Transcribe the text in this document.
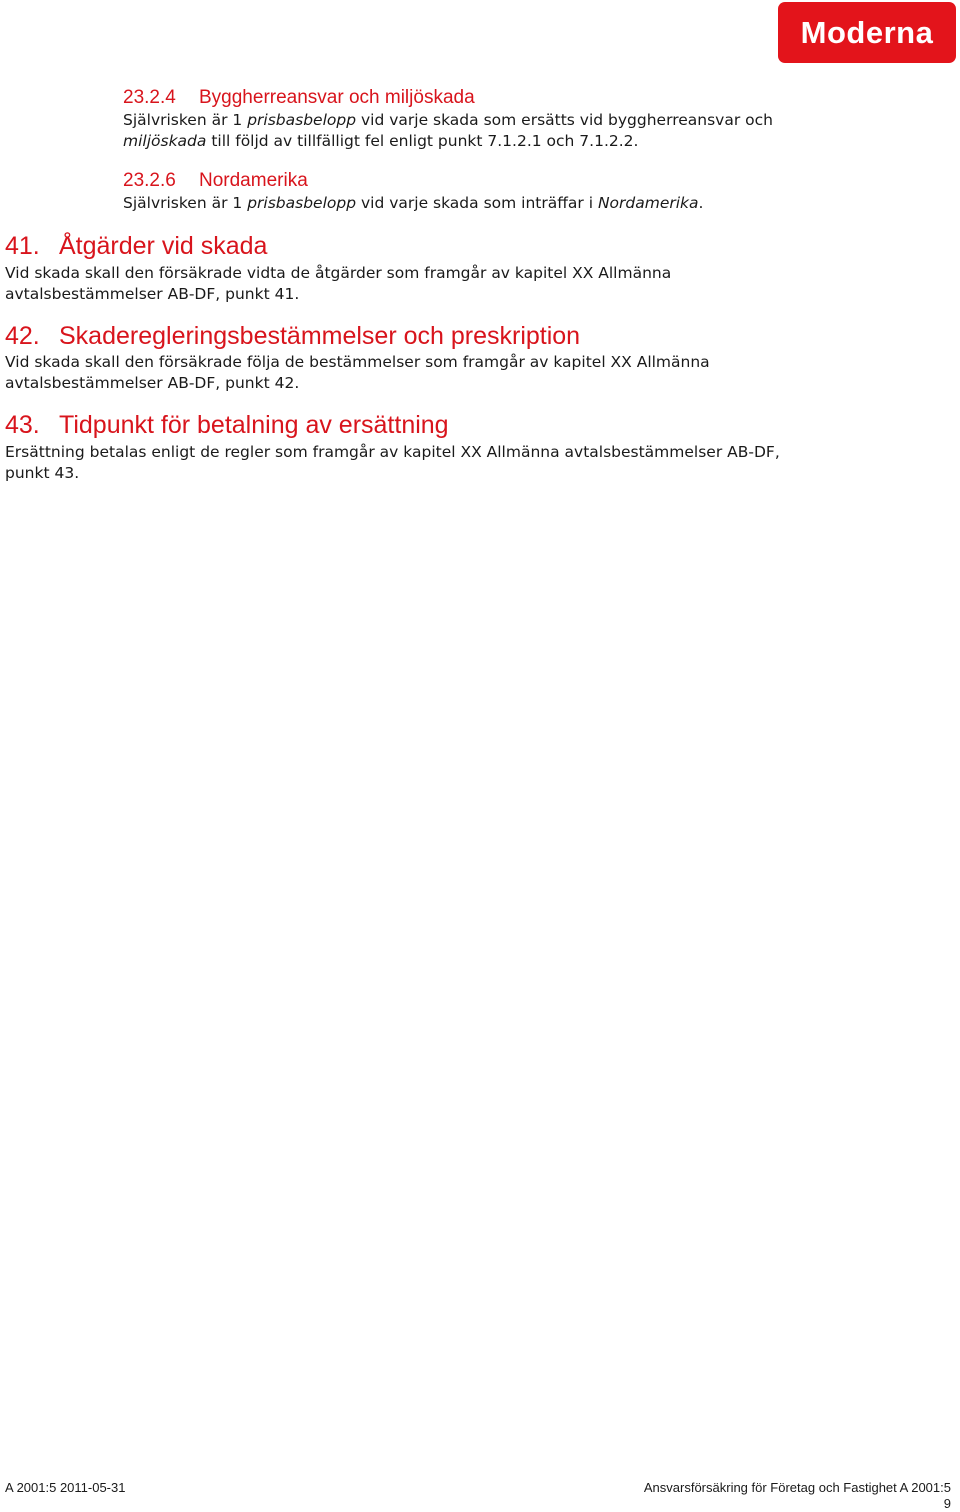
Moderna
23.2.4 Byggherreansvar och miljöskada
Självrisken är 1 prisbasbelopp vid varje skada som ersätts vid byggherreansvar och
miljöskada till följd av tillfälligt fel enligt punkt 7.1.2.1 och 7.1.2.2.
23.2.6 Nordamerika
Självrisken är 1 prisbasbelopp vid varje skada som inträffar i Nordamerika.
41. Åtgärder vid skada
Vid skada skall den försäkrade vidta de åtgärder som framgår av kapitel XX Allmänna
avtalsbestämmelser AB-DF, punkt 41.
42. Skaderegleringsbestämmelser och preskription
Vid skada skall den försäkrade följa de bestämmelser som framgår av kapitel XX Allmänna
avtalsbestämmelser AB-DF, punkt 42.
43. Tidpunkt för betalning av ersättning
Ersättning betalas enligt de regler som framgår av kapitel XX Allmänna avtalsbestämmelser AB-DF,
punkt 43.
A 2001:5 2011-05-31	Ansvarsförsäkring för Företag och Fastighet A 2001:5
9
